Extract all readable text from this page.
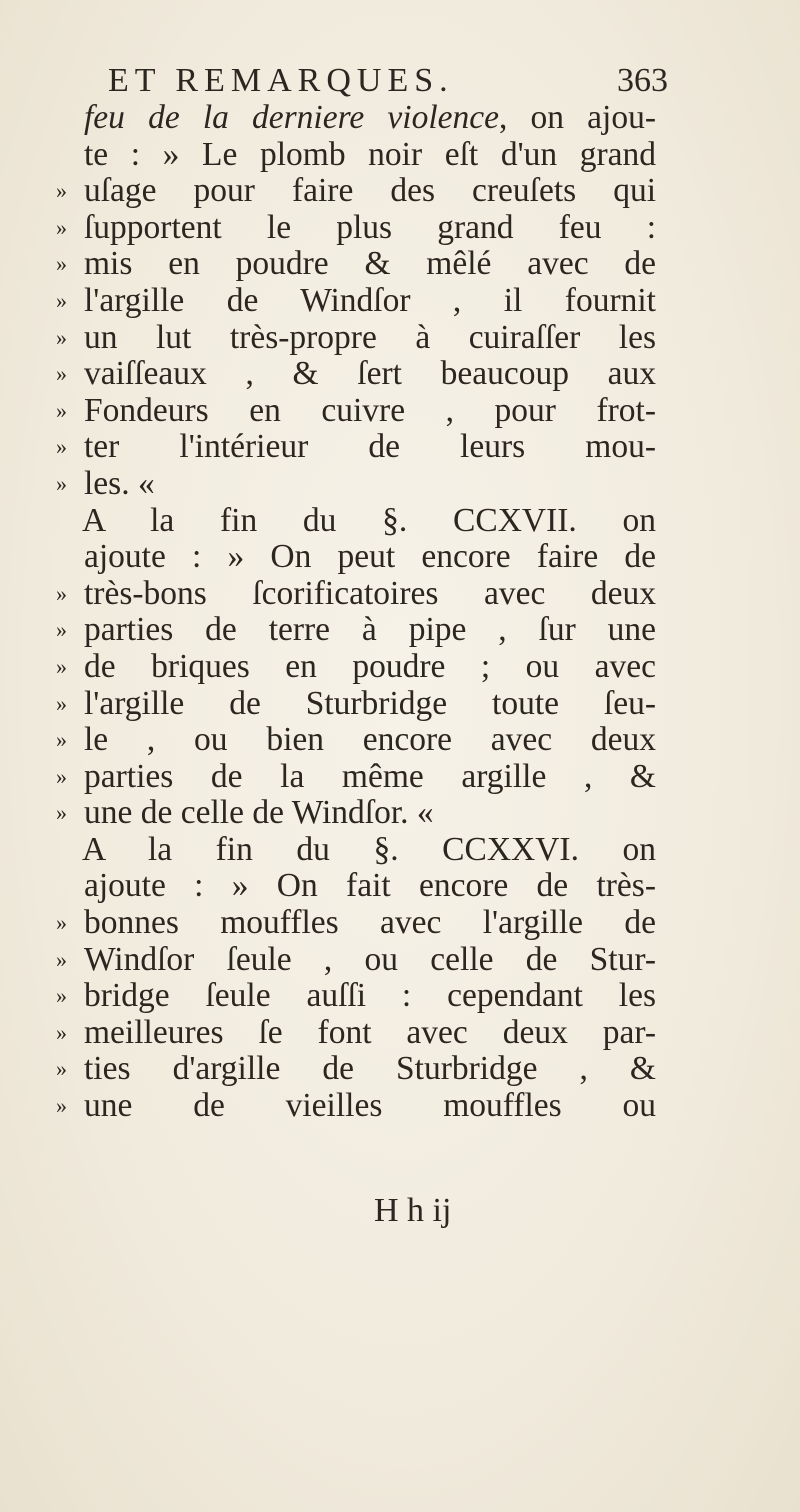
ET REMARQUES.	363
feu de la derniere violence, on ajou-
te : » Le plomb noir eſt d'un grand
» uſage pour faire des creuſets qui
» ſupportent le plus grand feu :
» mis en poudre & mêlé avec de
» l'argille de Windſor , il fournit
» un lut très-propre à cuiraſſer les
» vaiſſeaux , & ſert beaucoup aux
» Fondeurs en cuivre , pour frot-
» ter l'intérieur de leurs mou-
» les. «
A la fin du §. CCXVII. on
ajoute : » On peut encore faire de
» très-bons ſcorificatoires avec deux
» parties de terre à pipe , ſur une
» de briques en poudre ; ou avec
» l'argille de Sturbridge toute ſeu-
» le , ou bien encore avec deux
» parties de la même argille , &
» une de celle de Windſor. «
A la fin du §. CCXXVI. on
ajoute : » On fait encore de très-
» bonnes mouffles avec l'argille de
» Windſor ſeule , ou celle de Stur-
» bridge ſeule auſſi : cependant les
» meilleures ſe font avec deux par-
» ties d'argille de Sturbridge , &
» une de vieilles mouffles ou
H h ij
